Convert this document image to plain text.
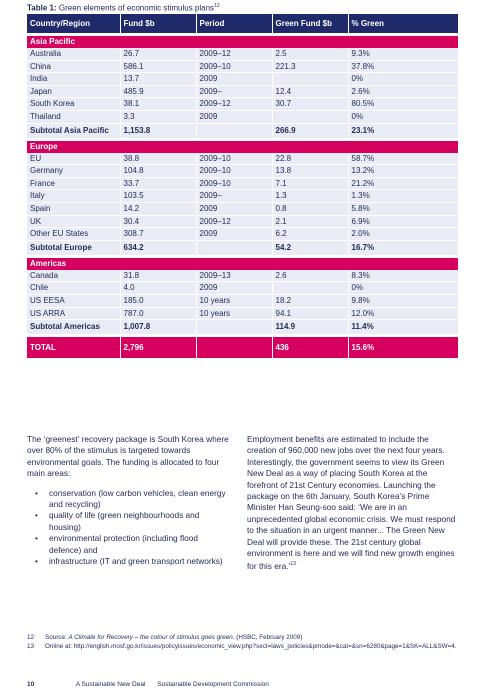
Table 1: Green elements of economic stimulus plans$^{12}$
Country/Region	Fund $b	Period	Green Fund $b	% Green

Asia Pacific				
Australia	26.7	2009–12	2.5	9.3%
China	586.1	2009–10	221.3	37.8%
India	13.7	2009		0%
Japan	485.9	2009–	12.4	2.6%
South Korea	38.1	2009–12	30.7	80.5%
Thailand	3.3	2009		0%
Subtotal Asia Pacific	1,153.8		266.9	23.1%

Europe				
EU	38.8	2009–10	22.8	58.7%
Germany	104.8	2009–10	13.8	13.2%
France	33.7	2009–10	7.1	21.2%
Italy	103.5	2009–	1.3	1.3%
Spain	14.2	2009	0.8	5.8%
UK	30.4	2009–12	2.1	6.9%
Other EU States	308.7	2009	6.2	2.0%
Subtotal Europe	634.2		54.2	16.7%

Americas				
Canada	31.8	2009–13	2.6	8.3%
Chile	4.0	2009		0%
US EESA	185.0	10 years	18.2	9.8%
US ARRA	787.0	10 years	94.1	12.0%
Subtotal Americas	1,007.8		114.9	11.4%

TOTAL	2,796		436	15.6%

The ‘greenest’ recovery package is South Korea where over 80% of the stimulus is targeted towards environmental goals. The funding is allocated to four main areas:

• conservation (low carbon vehicles, clean energy and recycling)
• quality of life (green neighbourhoods and housing)
• environmental protection (including flood defence) and
• infrastructure (IT and green transport networks)

Employment benefits are estimated to include the creation of 960,000 new jobs over the next four years. Interestingly, the government seems to view its Green New Deal as a way of placing South Korea at the forefront of 21st Century economies. Launching the package on the 6th January, South Korea’s Prime Minister Han Seung-soo said: ‘We are in an unprecedented global economic crisis. We must respond to the situation in an urgent manner... The Green New Deal will provide these. The 21st century global environment is here and we will find new growth engines for this era.’$^{13}$

12	Source: A Climate for Recovery – the colour of stimulus goes green. (HSBC, February 2009)
13	Online at: http://english.mosf.go.kr/issues/policyissues/economic_view.php?sect=laws_policies&pmode=&cat=&sn=6280&page=1&SK=ALL&SW=4.
10	A Sustainable New Deal Sustainable Development Commission
